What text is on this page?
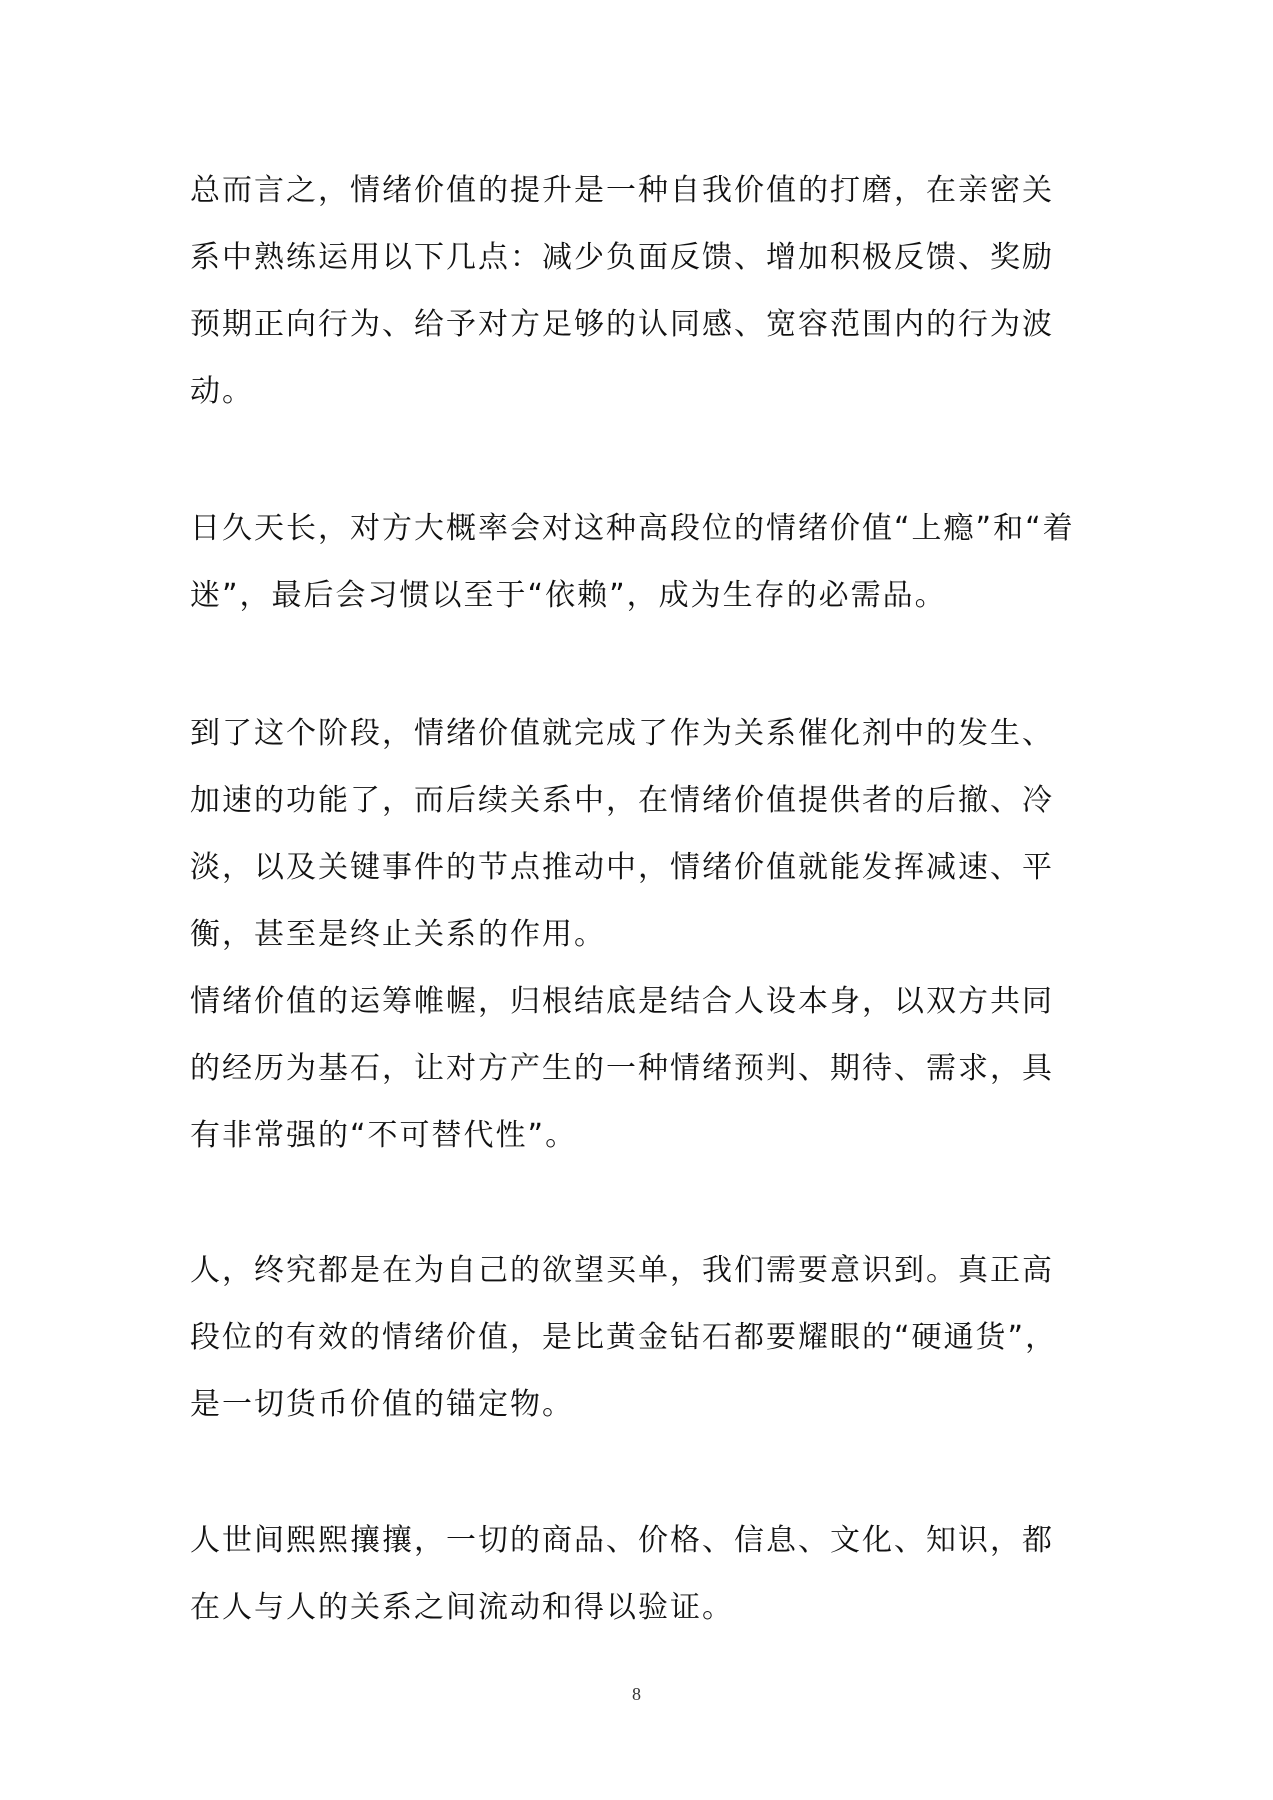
总而言之，情绪价值的提升是一种自我价值的打磨，在亲密关
系中熟练运用以下几点：减少负面反馈、增加积极反馈、奖励
预期正向行为、给予对方足够的认同感、宽容范围内的行为波
动。
日久天长，对方大概率会对这种高段位的情绪价值“上瘾”和“着
迷”，最后会习惯以至于“依赖”，成为生存的必需品。
到了这个阶段，情绪价值就完成了作为关系催化剂中的发生、
加速的功能了，而后续关系中，在情绪价值提供者的后撤、冷
淡，以及关键事件的节点推动中，情绪价值就能发挥减速、平
衡，甚至是终止关系的作用。
情绪价值的运筹帷幄，归根结底是结合人设本身，以双方共同
的经历为基石，让对方产生的一种情绪预判、期待、需求，具
有非常强的“不可替代性”。
人，终究都是在为自己的欲望买单，我们需要意识到。真正高
段位的有效的情绪价值，是比黄金钻石都要耀眼的“硬通货”，
是一切货币价值的锚定物。
人世间熙熙攘攘，一切的商品、价格、信息、文化、知识，都
在人与人的关系之间流动和得以验证。
8
